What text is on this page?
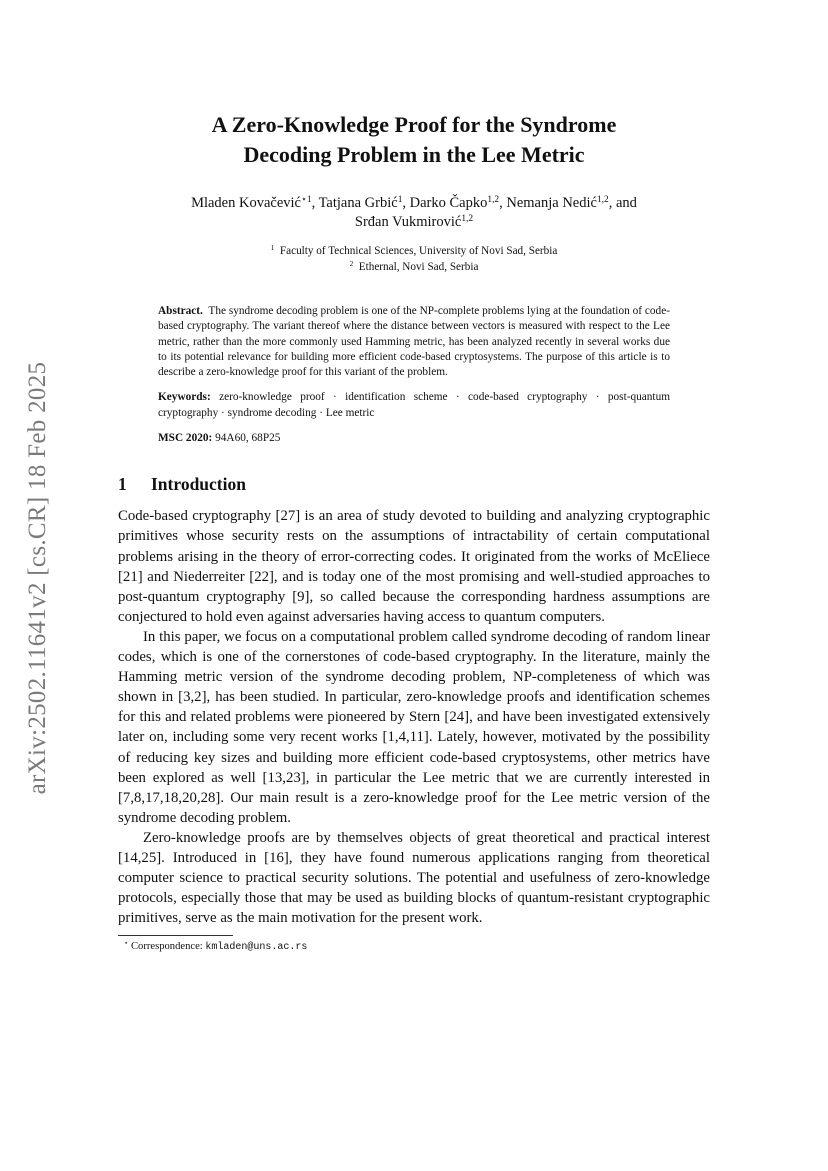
arXiv:2502.11641v2 [cs.CR] 18 Feb 2025
A Zero-Knowledge Proof for the Syndrome
Decoding Problem in the Lee Metric
Mladen Kovačević$^{⋆1}$, Tatjana Grbić$^1$, Darko Čapko$^{1,2}$, Nemanja Nedić$^{1,2}$, and
Srđan Vukmirović$^{1,2}$
$^1$ Faculty of Technical Sciences, University of Novi Sad, Serbia
$^2$ Ethernal, Novi Sad, Serbia
Abstract. The syndrome decoding problem is one of the NP-complete problems lying at the foundation of code-based cryptography. The variant thereof where the distance between vectors is measured with respect to the Lee metric, rather than the more commonly used Hamming metric, has been analyzed recently in several works due to its potential relevance for building more efficient code-based cryptosystems. The purpose of this article is to describe a zero-knowledge proof for this variant of the problem.
Keywords: zero-knowledge proof · identification scheme · code-based cryptography · post-quantum cryptography · syndrome decoding · Lee metric
MSC 2020: 94A60, 68P25
1 Introduction

Code-based cryptography [27] is an area of study devoted to building and analyzing cryptographic primitives whose security rests on the assumptions of intractability of certain computational problems arising in the theory of error-correcting codes. It originated from the works of McEliece [21] and Niederreiter [22], and is today one of the most promising and well-studied approaches to post-quantum cryptography [9], so called because the corresponding hardness assumptions are conjectured to hold even against adversaries having access to quantum computers.

In this paper, we focus on a computational problem called syndrome decoding of random linear codes, which is one of the cornerstones of code-based cryptography. In the literature, mainly the Hamming metric version of the syndrome decoding problem, NP-completeness of which was shown in [3,2], has been studied. In particular, zero-knowledge proofs and identification schemes for this and related problems were pioneered by Stern [24], and have been investigated extensively later on, including some very recent works [1,4,11]. Lately, however, motivated by the possibility of reducing key sizes and building more efficient code-based cryptosystems, other metrics have been explored as well [13,23], in particular the Lee metric that we are currently interested in [7,8,17,18,20,28]. Our main result is a zero-knowledge proof for the Lee metric version of the syndrome decoding problem.

Zero-knowledge proofs are by themselves objects of great theoretical and practical interest [14,25]. Introduced in [16], they have found numerous applications ranging from theoretical computer science to practical security solutions. The potential and usefulness of zero-knowledge protocols, especially those that may be used as building blocks of quantum-resistant cryptographic primitives, serve as the main motivation for the present work.

⋆ Correspondence: kmladen@uns.ac.rs
